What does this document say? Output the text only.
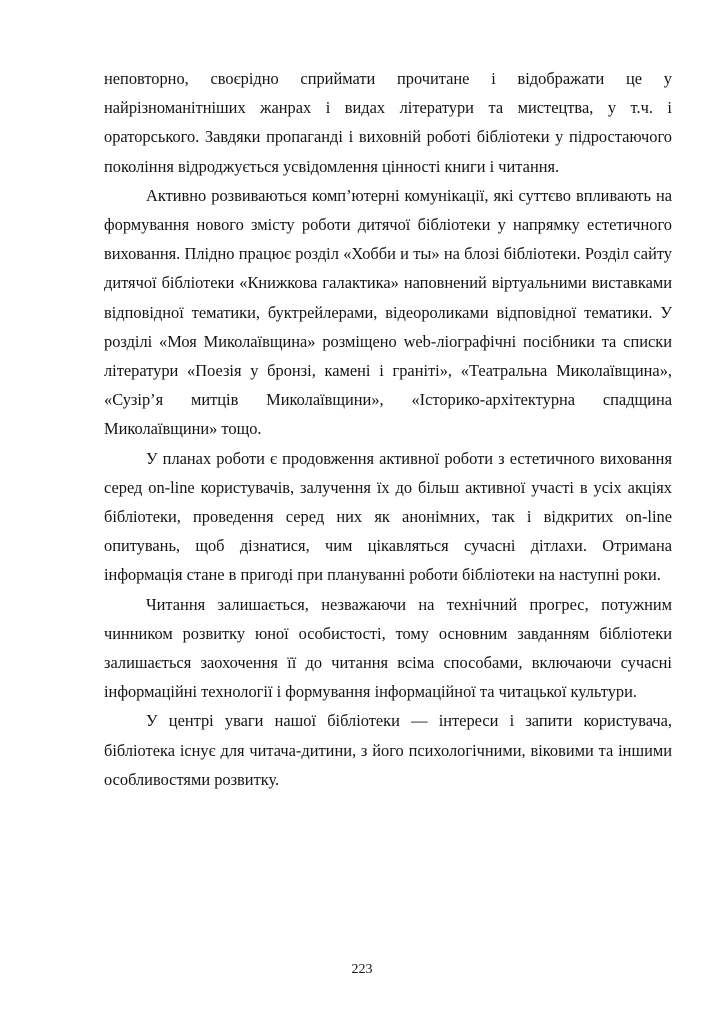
неповторно, своєрідно сприймати прочитане і відображати це у найрізноманітніших жанрах і видах літератури та мистецтва, у т.ч. і ораторського. Завдяки пропаганді і виховній роботі бібліотеки у підростаючого покоління відроджується усвідомлення цінності книги і читання.

Активно розвиваються комп’ютерні комунікації, які суттєво впливають на формування нового змісту роботи дитячої бібліотеки у напрямку естетичного виховання. Плідно працює розділ «Хобби и ты» на блозі бібліотеки. Розділ сайту дитячої бібліотеки «Книжкова галактика» наповнений віртуальними виставками відповідної тематики, буктрейлерами, відеороликами відповідної тематики. У розділі «Моя Миколаївщина» розміщено web-ліографічні посібники та списки літератури «Поезія у бронзі, камені і граніті», «Театральна Миколаївщина», «Сузір’я митців Миколаївщини», «Історико-архітектурна спадщина Миколаївщини» тощо.

У планах роботи є продовження активної роботи з естетичного виховання серед on-line користувачів, залучення їх до більш активної участі в усіх акціях бібліотеки, проведення серед них як анонімних, так і відкритих on-line опитувань, щоб дізнатися, чим цікавляться сучасні дітлахи. Отримана інформація стане в пригоді при плануванні роботи бібліотеки на наступні роки.

Читання залишається, незважаючи на технічний прогрес, потужним чинником розвитку юної особистості, тому основним завданням бібліотеки залишається заохочення її до читання всіма способами, включаючи сучасні інформаційні технології і формування інформаційної та читацької культури.

У центрі уваги нашої бібліотеки — інтереси і запити користувача, бібліотека існує для читача-дитини, з його психологічними, віковими та іншими особливостями розвитку.

223
